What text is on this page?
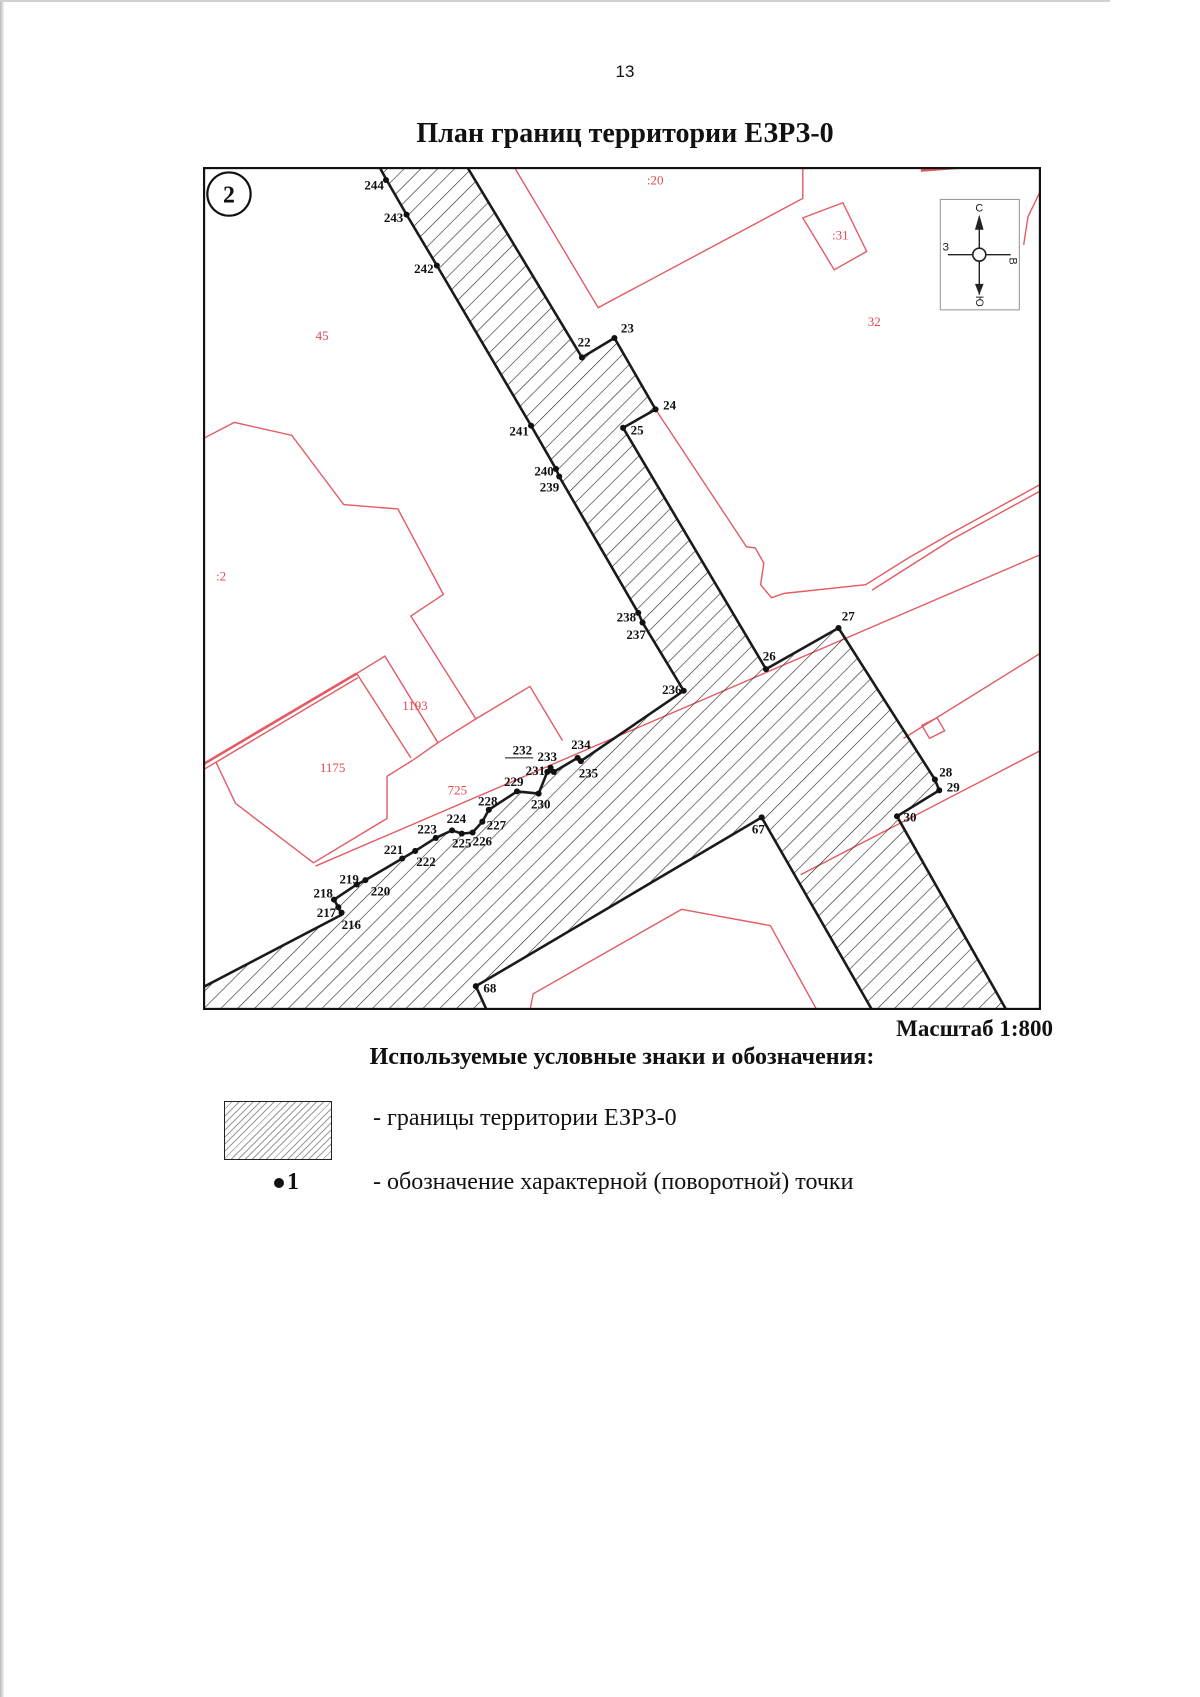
13
План границ территории ЕЗРЗ-0
244
243
242
22
23
24
25
241
240
239
238
237
236
26
27
28
29
30
67
68
216
217
218
219
220
221
222
223
224
225 226
227
228
229
230
231
232 233
234
235
:20
:31
32
45
:2
1193
1175
725
С
З
В
Ю
2
Масштаб 1:800
Используемые условные знаки и обозначения:
- границы территории ЕЗРЗ-0
1	- обозначение характерной (поворотной) точки
